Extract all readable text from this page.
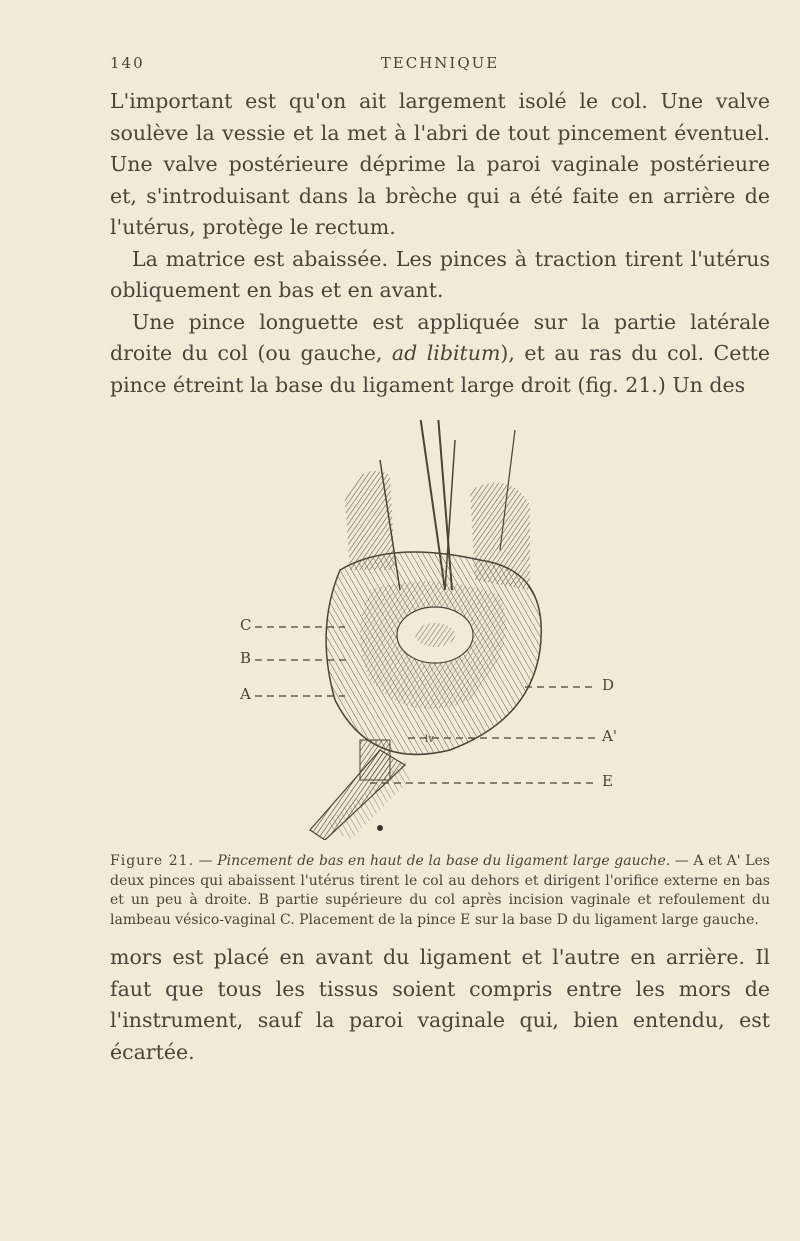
140	TECHNIQUE

L'important est qu'on ait largement isolé le col. Une valve soulève la vessie et la met à l'abri de tout pincement éventuel. Une valve postérieure déprime la paroi vaginale postérieure et, s'introduisant dans la brèche qui a été faite en arrière de l'utérus, protège le rectum.

La matrice est abaissée. Les pinces à traction tirent l'utérus obliquement en bas et en avant.

Une pince longuette est appliquée sur la partie latérale droite du col (ou gauche, ad libitum), et au ras du col. Cette pince étreint la base du ligament large droit (fig. 21.) Un des

lv
C
B
A	D
A'
E
Figure 21. — Pincement de bas en haut de la base du ligament large gauche. — A et A' Les deux pinces qui abaissent l'utérus tirent le col au dehors et dirigent l'orifice externe en bas et un peu à droite. B partie supérieure du col après incision vaginale et refoulement du lambeau vésico-vaginal C. Placement de la pince E sur la base D du ligament large gauche.

mors est placé en avant du ligament et l'autre en arrière. Il faut que tous les tissus soient compris entre les mors de l'instrument, sauf la paroi vaginale qui, bien entendu, est écartée.
